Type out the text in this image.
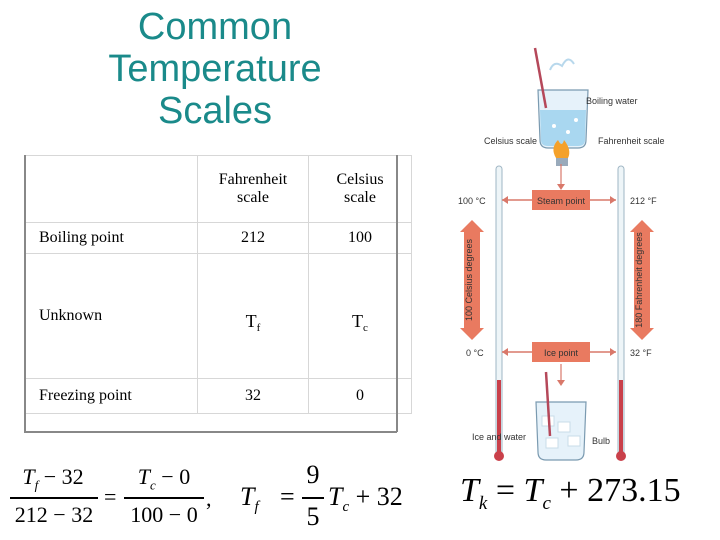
Common
Temperature
Scales
	Fahrenheit scale	Celsius scale
Boiling point	212	100
Unknown	$T_f$	$T_c$
Freezing point	32	0
$T_f - 32$
212 − 32
=
$T_c - 0$
100 − 0
, $T_f$ =
9
5
$T_c + 32$ $T_k = T_c + 273.15$
Boiling water
Celsius scale	Fahrenheit scale
Steam point
100 °C	212 °F
Ice point
0 °C	32 °F
100 Celsius degrees	180 Fahrenheit degrees
Ice and water	Bulb
